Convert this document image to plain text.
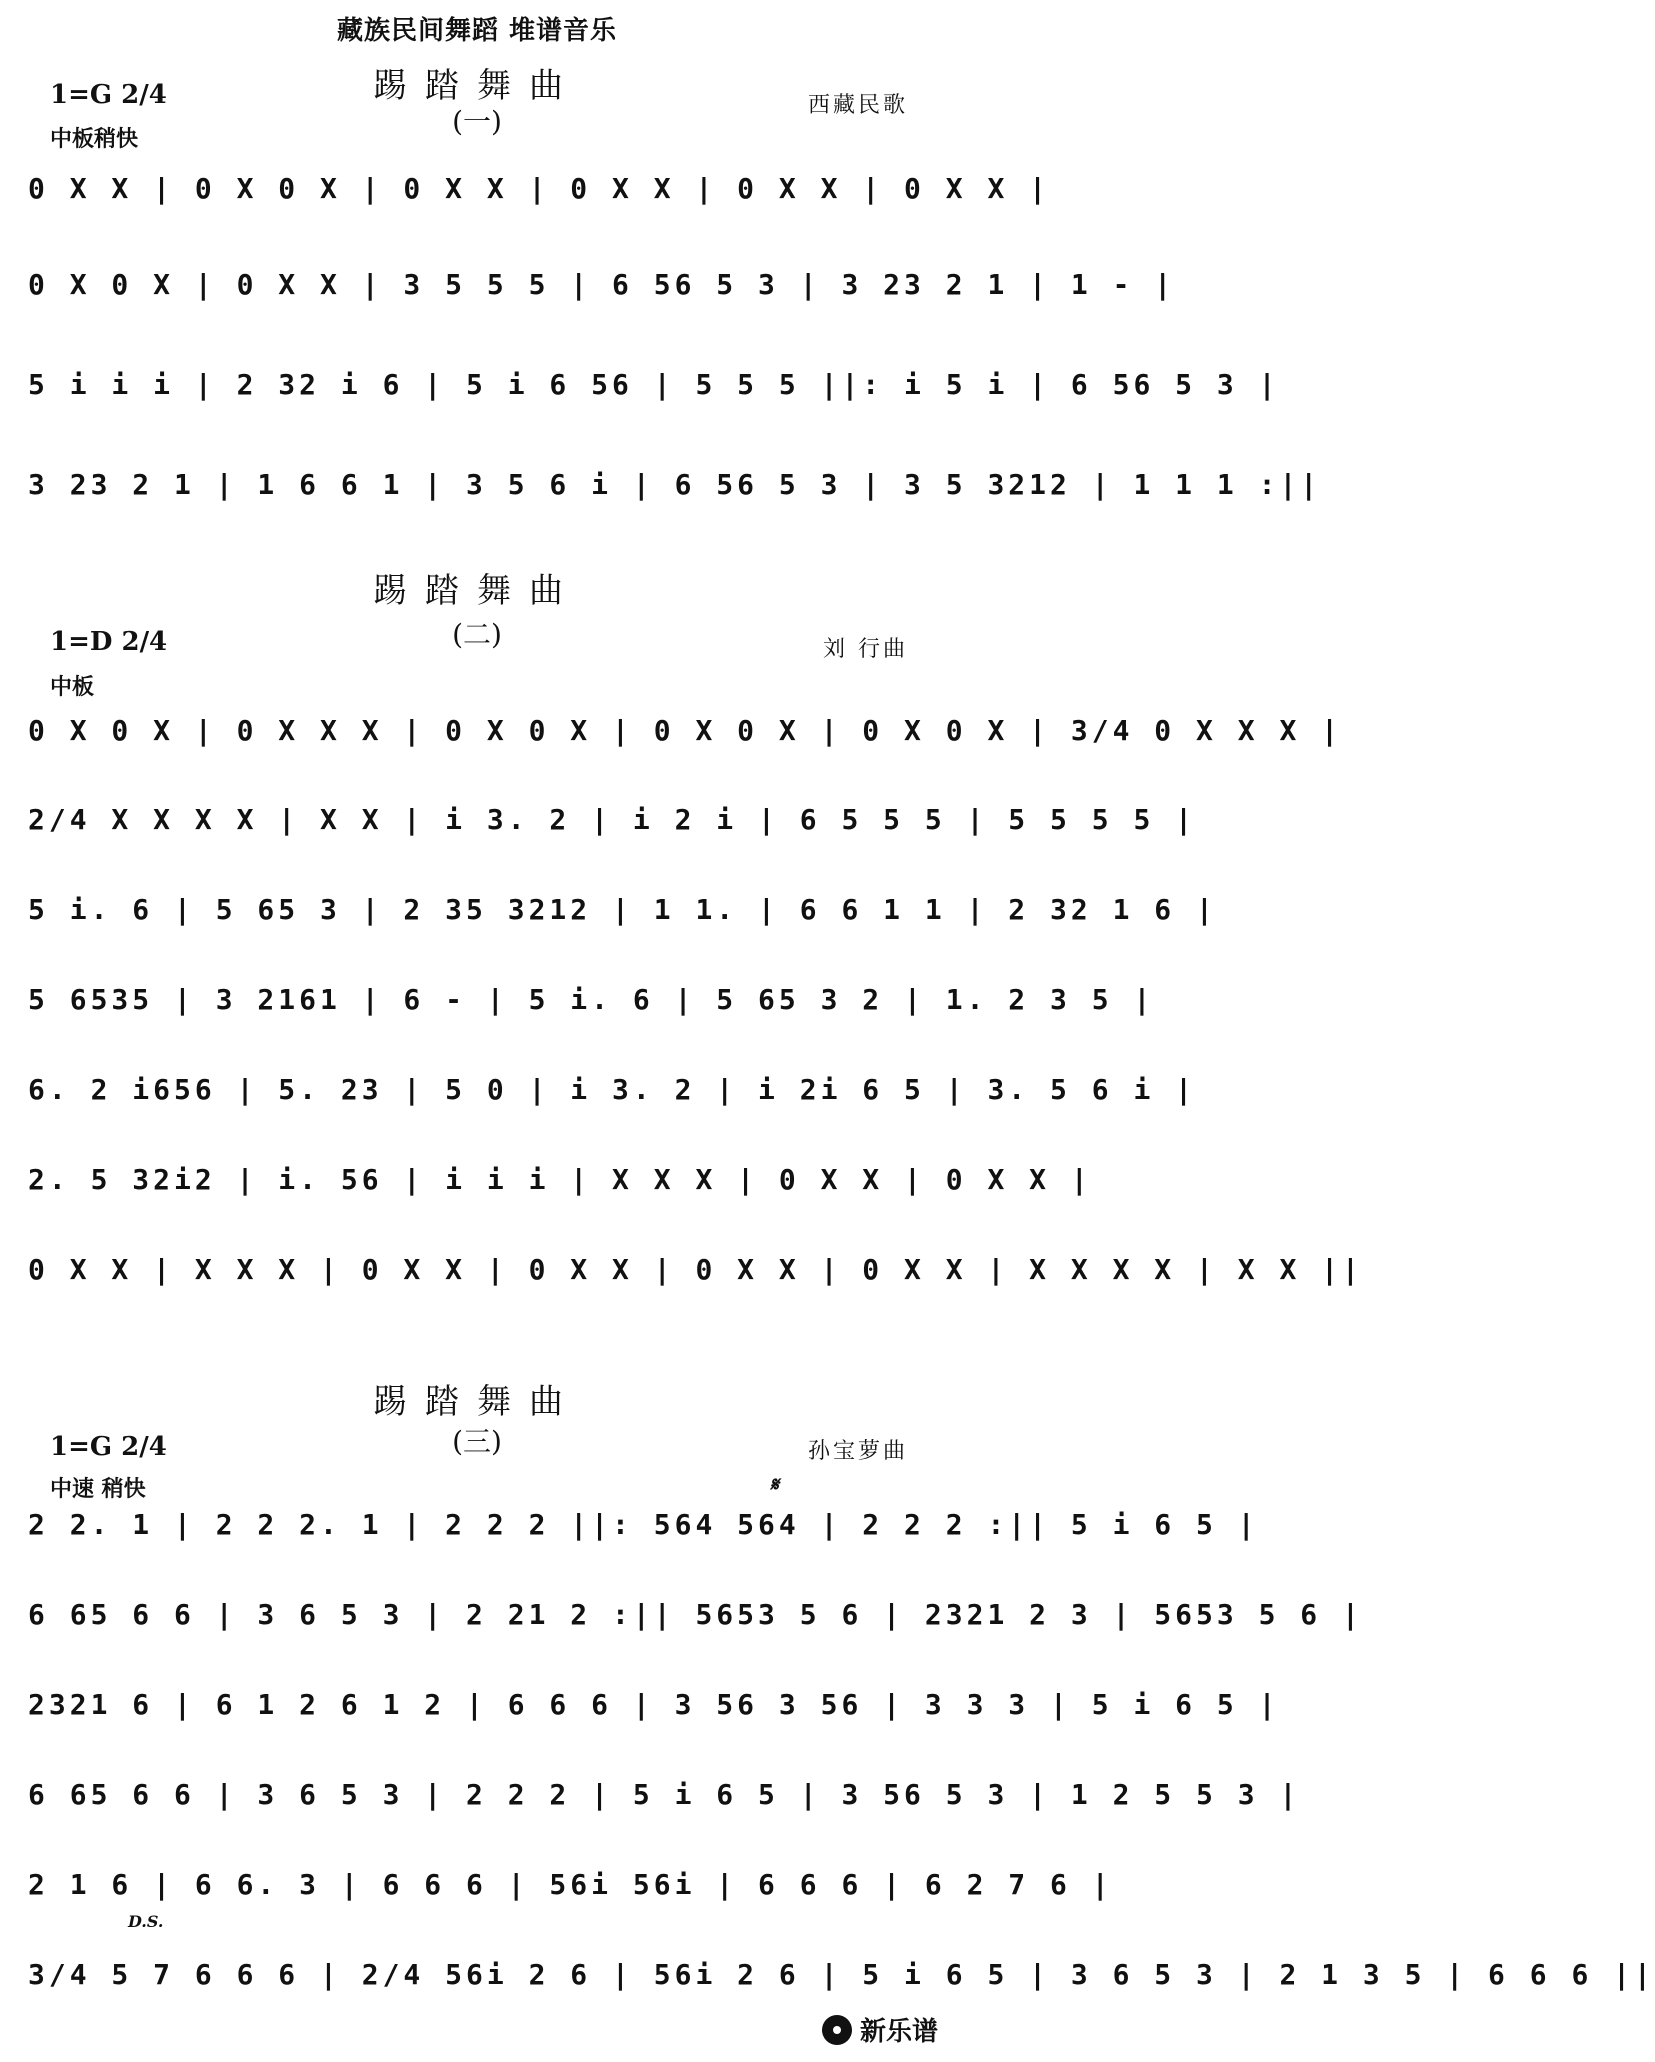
藏族民间舞蹈 堆谱音乐
踢踏舞曲
(一)
1=G 2/4
中板稍快
西藏民歌
0 X X | 0 X 0 X | 0 X X | 0 X X | 0 X X | 0 X X |
0 X 0 X | 0 X X | 3 5 5 5 | 6 56 5 3 | 3 23 2 1 | 1 - |
5 i i i | 2 32 i 6 | 5 i 6 56 | 5 5 5 ||: i 5 i | 6 56 5 3 |
3 23 2 1 | 1 6 6 1 | 3 5 6 i | 6 56 5 3 | 3 5 3212 | 1 1 1 :||
踢踏舞曲
(二)
1=D 2/4
中板
刘 行曲
0 X 0 X | 0 X X X | 0 X 0 X | 0 X 0 X | 0 X 0 X | 3/4 0 X X X |
2/4 X X X X | X X | i 3. 2 | i 2 i | 6 5 5 5 | 5 5 5 5 |
5 i. 6 | 5 65 3 | 2 35 3212 | 1 1. | 6 6 1 1 | 2 32 1 6 |
5 6535 | 3 2161 | 6 - | 5 i. 6 | 5 65 3 2 | 1. 2 3 5 |
6. 2 i656 | 5. 23 | 5 0 | i 3. 2 | i 2i 6 5 | 3. 5 6 i |
2. 5 32i2 | i. 56 | i i i | X X X | 0 X X | 0 X X |
0 X X | X X X | 0 X X | 0 X X | 0 X X | 0 X X | X X X X | X X ||
踢踏舞曲
(三)
1=G 2/4
中速 稍快
孙宝萝曲
𝄋
2 2. 1 | 2 2 2. 1 | 2 2 2 ||: 564 564 | 2 2 2 :|| 5 i 6 5 |
6 65 6 6 | 3 6 5 3 | 2 21 2 :|| 5653 5 6 | 2321 2 3 | 5653 5 6 |
2321 6 | 6 1 2 6 1 2 | 6 6 6 | 3 56 3 56 | 3 3 3 | 5 i 6 5 |
6 65 6 6 | 3 6 5 3 | 2 2 2 | 5 i 6 5 | 3 56 5 3 | 1 2 5 5 3 |
2 1 6 | 6 6. 3 | 6 6 6 | 56i 56i | 6 6 6 | 6 2 7 6 |
D.S.
3/4 5 7 6 6 6 | 2/4 56i 2 6 | 56i 2 6 | 5 i 6 5 | 3 6 5 3 | 2 1 3 5 | 6 6 6 ||
新乐谱
